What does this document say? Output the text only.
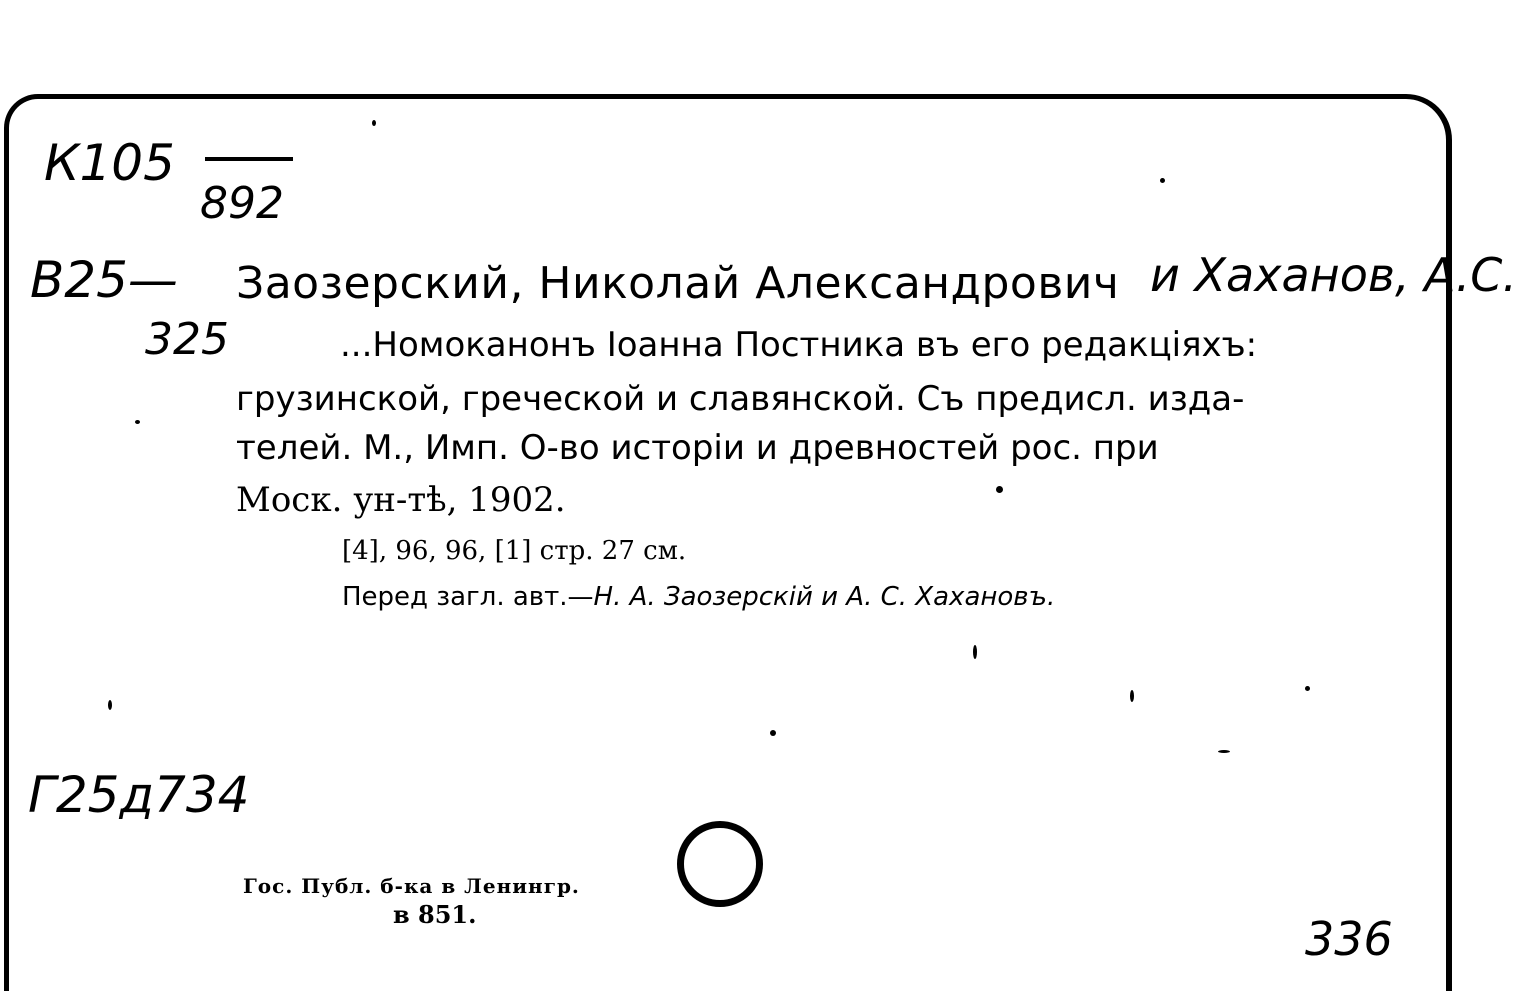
К105
892
B25—
325
Заозерский, Николай Александрович и Хаханов, А.С.
...Номоканонъ Іоанна Постника въ его редакціяхъ:
грузинской, греческой и славянской. Съ предисл. изда-
телей. М., Имп. О-во исторіи и древностей рос. при
Моск. ун-тѣ, 1902.
[4], 96, 96, [1] стр. 27 см.
Перед загл. авт.—Н. А. Заозерскій и А. С. Хахановъ.
Г25д734
Гос. Публ. б-ка в Ленингр.
в 851.	336
